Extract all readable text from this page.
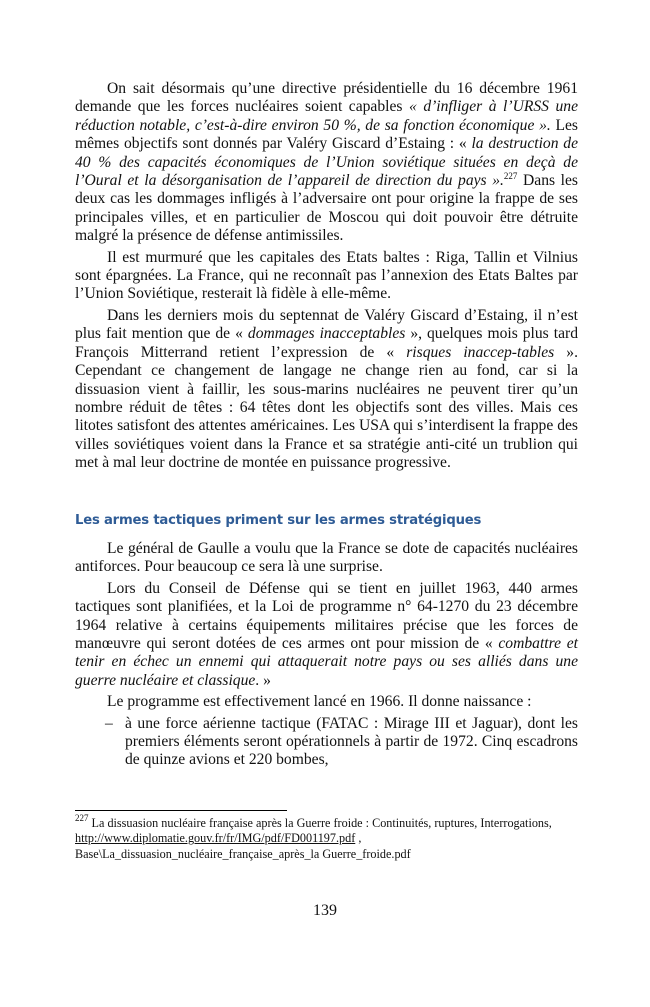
On sait désormais qu’une directive présidentielle du 16 décembre 1961 demande que les forces nucléaires soient capables « d’infliger à l’URSS une réduction notable, c’est-à-dire environ 50 %, de sa fonction économique ». Les mêmes objectifs sont donnés par Valéry Giscard d’Estaing : « la destruction de 40 % des capacités économiques de l’Union soviétique situées en deçà de l’Oural et la désorganisation de l’appareil de direction du pays ».$^{227}$ Dans les deux cas les dommages infligés à l’adversaire ont pour origine la frappe de ses principales villes, et en particulier de Moscou qui doit pouvoir être détruite malgré la présence de défense antimissiles.

Il est murmuré que les capitales des Etats baltes : Riga, Tallin et Vilnius sont épargnées. La France, qui ne reconnaît pas l’annexion des Etats Baltes par l’Union Soviétique, resterait là fidèle à elle-même.

Dans les derniers mois du septennat de Valéry Giscard d’Estaing, il n’est plus fait mention que de « dommages inacceptables », quelques mois plus tard François Mitterrand retient l’expression de « risques inaccep-tables ». Cependant ce changement de langage ne change rien au fond, car si la dissuasion vient à faillir, les sous-marins nucléaires ne peuvent tirer qu’un nombre réduit de têtes : 64 têtes dont les objectifs sont des villes. Mais ces litotes satisfont des attentes américaines. Les USA qui s’interdisent la frappe des villes soviétiques voient dans la France et sa stratégie anti-cité un trublion qui met à mal leur doctrine de montée en puissance progressive.

Les armes tactiques priment sur les armes stratégiques

Le général de Gaulle a voulu que la France se dote de capacités nucléaires antiforces. Pour beaucoup ce sera là une surprise.

Lors du Conseil de Défense qui se tient en juillet 1963, 440 armes tactiques sont planifiées, et la Loi de programme n° 64-1270 du 23 décembre 1964 relative à certains équipements militaires précise que les forces de manœuvre qui seront dotées de ces armes ont pour mission de « combattre et tenir en échec un ennemi qui attaquerait notre pays ou ses alliés dans une guerre nucléaire et classique. »

Le programme est effectivement lancé en 1966. Il donne naissance :

– à une force aérienne tactique (FATAC : Mirage III et Jaguar), dont les premiers éléments seront opérationnels à partir de 1972. Cinq escadrons de quinze avions et 220 bombes,
$^{227}$ La dissuasion nucléaire française après la Guerre froide : Continuités, ruptures, Interrogations,
http://www.diplomatie.gouv.fr/fr/IMG/pdf/FD001197.pdf ,
Base\La_dissuasion_nucléaire_française_après_la Guerre_froide.pdf
139
